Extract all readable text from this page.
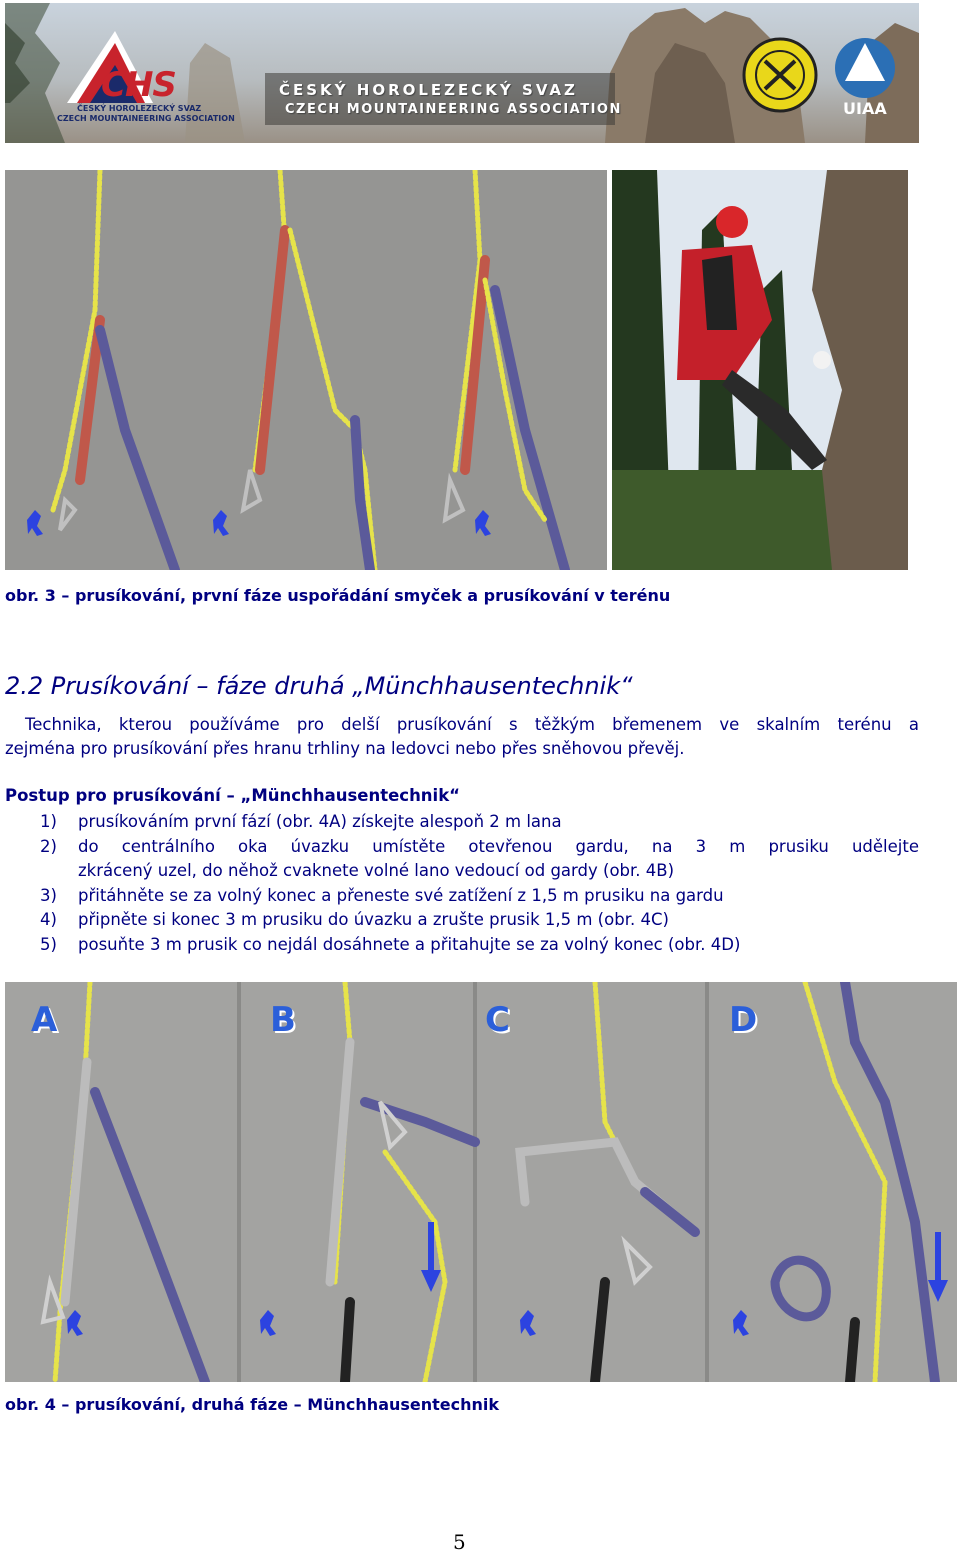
CHS
ČESKÝ HOROLEZECKÝ SVAZ
CZECH MOUNTAINEERING ASSOCIATION
ČESKÝ HOROLEZECKÝ SVAZ
CZECH MOUNTAINEERING ASSOCIATION	UIAA
obr. 3 – prusíkování, první fáze uspořádání smyček a prusíkování v terénu
2.2 Prusíkování – fáze druhá „Münchhausentechnik“
Technika, kterou používáme pro delší prusíkování s těžkým břemenem ve skalním terénu a
zejména pro prusíkování přes hranu trhliny na ledovci nebo přes sněhovou převěj.
Postup pro prusíkování – „Münchhausentechnik“
1)	prusíkováním první fází (obr. 4A) získejte alespoň 2 m lana
2)	do centrálního oka úvazku umístěte otevřenou gardu, na 3 m prusiku udělejte
zkrácený uzel, do něhož cvaknete volné lano vedoucí od gardy (obr. 4B)
3)	přitáhněte se za volný konec a přeneste své zatížení z 1,5 m prusiku na gardu
4)	připněte si konec 3 m prusiku do úvazku a zrušte prusik 1,5 m (obr. 4C)
5)	posuňte 3 m prusik co nejdál dosáhnete a přitahujte se za volný konec (obr. 4D)
A	B	C	D
obr. 4 – prusíkování, druhá fáze – Münchhausentechnik
5
